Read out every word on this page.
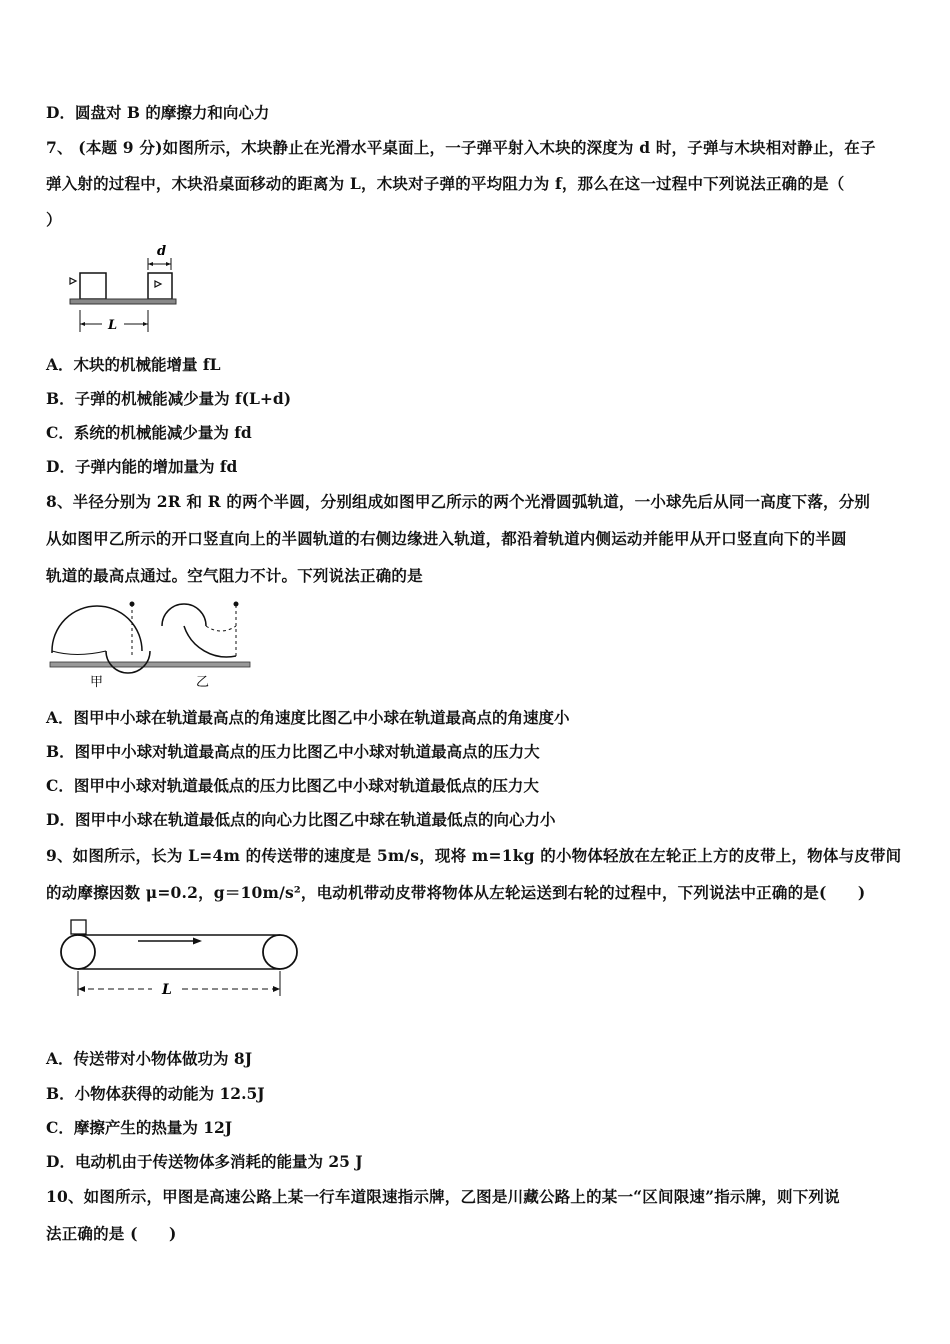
D．圆盘对 B 的摩擦力和向心力
7、 (本题 9 分)如图所示，木块静止在光滑水平桌面上，一子弹平射入木块的深度为 d 时，子弹与木块相对静止，在子
弹入射的过程中，木块沿桌面移动的距离为 L，木块对子弹的平均阻力为 f，那么在这一过程中下列说法正确的是（
）
d
L
A．木块的机械能增量 fL
B．子弹的机械能减少量为 f(L+d)
C．系统的机械能减少量为 fd
D．子弹内能的增加量为 fd
8、半径分别为 2R 和 R 的两个半圆，分别组成如图甲乙所示的两个光滑圆弧轨道，一小球先后从同一高度下落，分别
从如图甲乙所示的开口竖直向上的半圆轨道的右侧边缘进入轨道，都沿着轨道内侧运动并能甲从开口竖直向下的半圆
轨道的最高点通过。空气阻力不计。下列说法正确的是
甲	乙
A．图甲中小球在轨道最高点的角速度比图乙中小球在轨道最高点的角速度小
B．图甲中小球对轨道最高点的压力比图乙中小球对轨道最高点的压力大
C．图甲中小球对轨道最低点的压力比图乙中小球对轨道最低点的压力大
D．图甲中小球在轨道最低点的向心力比图乙中球在轨道最低点的向心力小
9、如图所示，长为 L=4m 的传送带的速度是 5m/s，现将 m=1kg 的小物体轻放在左轮正上方的皮带上，物体与皮带间
的动摩擦因数 μ=0.2，g＝10m/s²，电动机带动皮带将物体从左轮运送到右轮的过程中，下列说法中正确的是(　　)
L
A．传送带对小物体做功为 8J
B．小物体获得的动能为 12.5J
C．摩擦产生的热量为 12J
D．电动机由于传送物体多消耗的能量为 25 J
10、如图所示，甲图是高速公路上某一行车道限速指示牌，乙图是川藏公路上的某一“区间限速”指示牌，则下列说
法正确的是 (　　)
